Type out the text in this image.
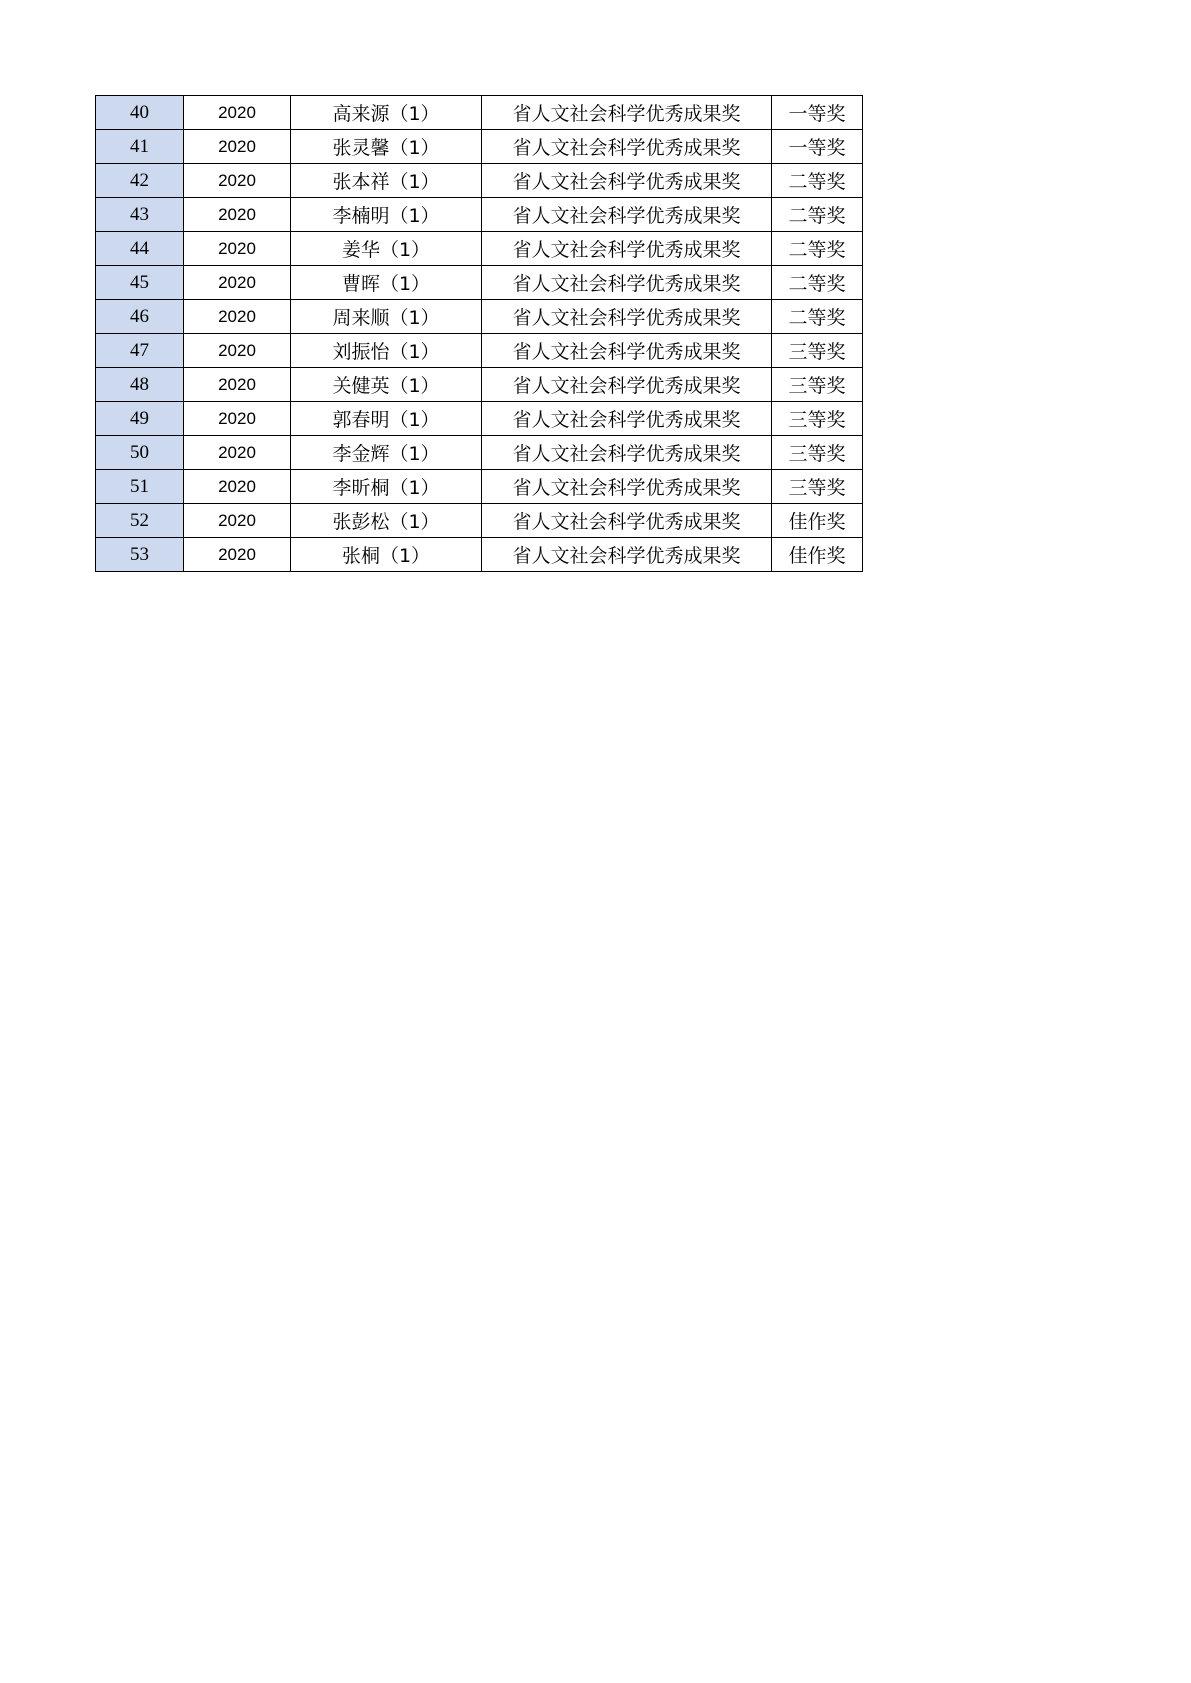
40	2020	高来源（1）	省人文社会科学优秀成果奖	一等奖
41	2020	张灵馨（1）	省人文社会科学优秀成果奖	一等奖
42	2020	张本祥（1）	省人文社会科学优秀成果奖	二等奖
43	2020	李楠明（1）	省人文社会科学优秀成果奖	二等奖
44	2020	姜华（1）	省人文社会科学优秀成果奖	二等奖
45	2020	曹晖（1）	省人文社会科学优秀成果奖	二等奖
46	2020	周来顺（1）	省人文社会科学优秀成果奖	二等奖
47	2020	刘振怡（1）	省人文社会科学优秀成果奖	三等奖
48	2020	关健英（1）	省人文社会科学优秀成果奖	三等奖
49	2020	郭春明（1）	省人文社会科学优秀成果奖	三等奖
50	2020	李金辉（1）	省人文社会科学优秀成果奖	三等奖
51	2020	李昕桐（1）	省人文社会科学优秀成果奖	三等奖
52	2020	张彭松（1）	省人文社会科学优秀成果奖	佳作奖
53	2020	张桐（1）	省人文社会科学优秀成果奖	佳作奖
